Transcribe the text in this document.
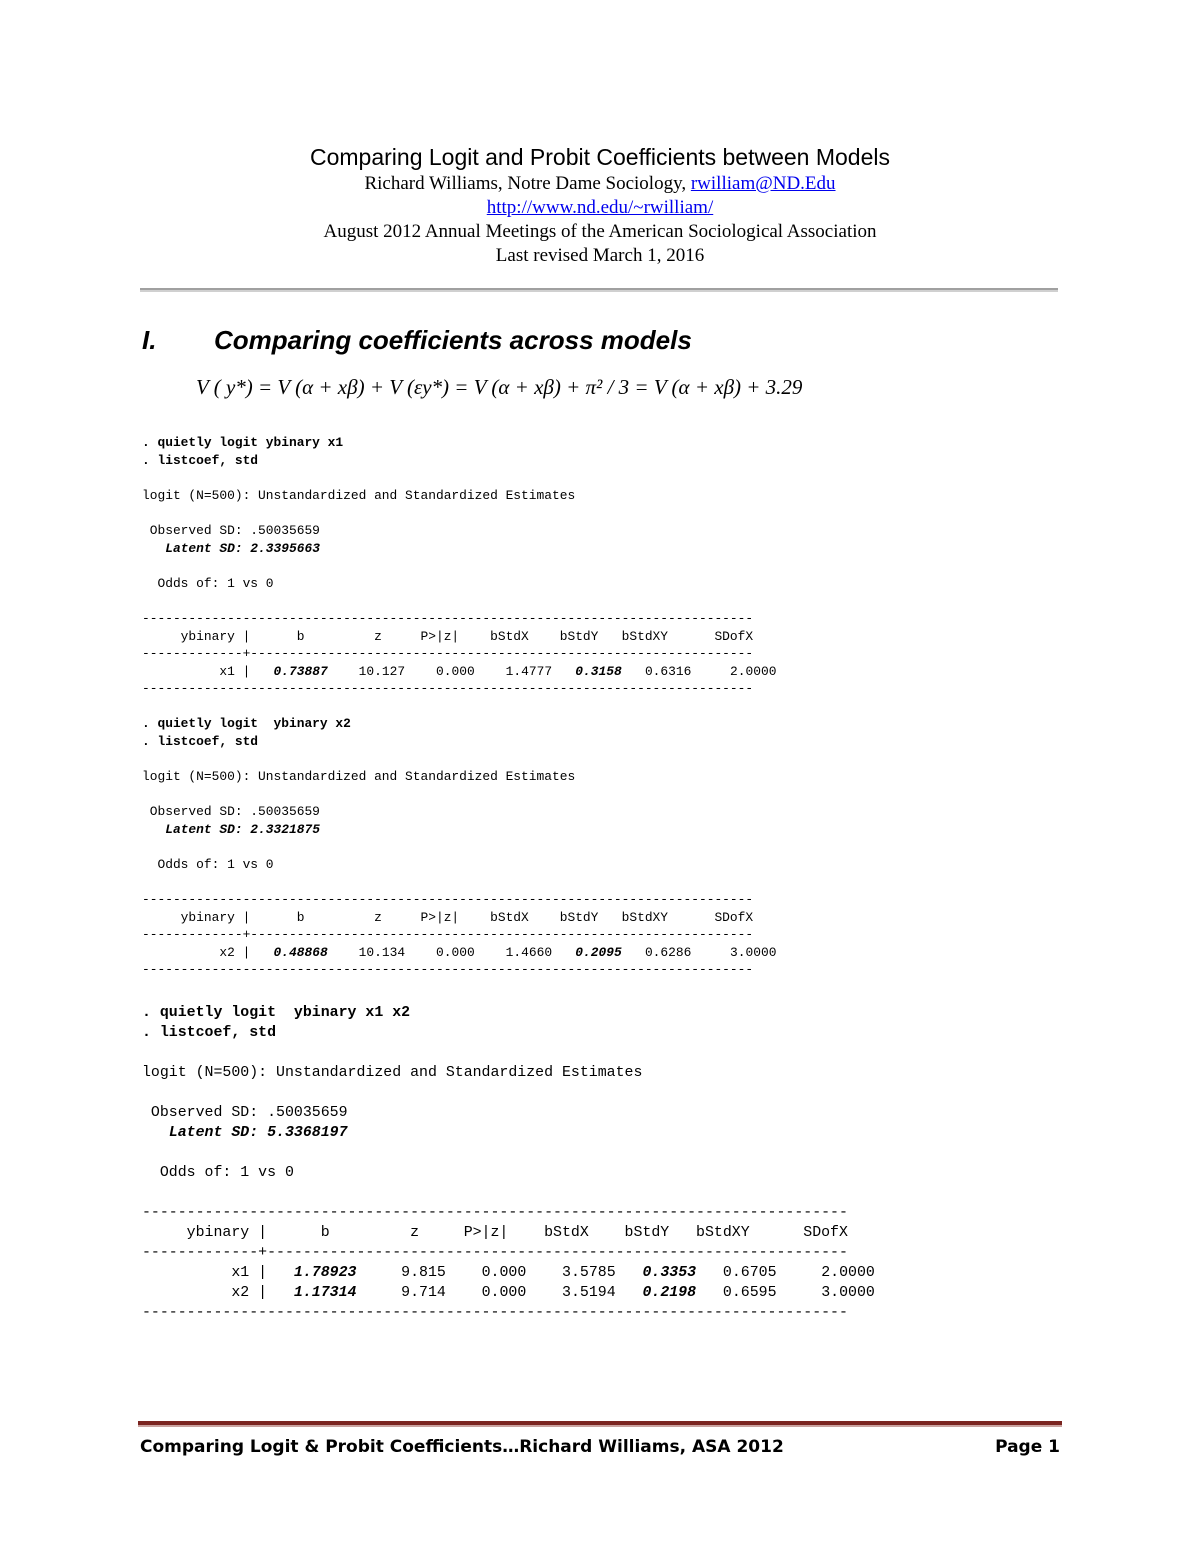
Comparing Logit and Probit Coefficients between Models
Richard Williams, Notre Dame Sociology, rwilliam@ND.Edu
http://www.nd.edu/~rwilliam/
August 2012 Annual Meetings of the American Sociological Association
Last revised March 1, 2016
I. Comparing coefficients across models
V ( y*) = V (α + xβ) + V (εy*) = V (α + xβ) + π² / 3 = V (α + xβ) + 3.29
. quietly logit ybinary x1
. listcoef, std

logit (N=500): Unstandardized and Standardized Estimates

Observed SD: .50035659
Latent SD: 2.3395663

Odds of: 1 vs 0

-------------------------------------------------------------------------------
ybinary |      b         z     P>|z|    bStdX    bStdY   bStdXY      SDofX
-------------+-----------------------------------------------------------------
x1 |   0.73887 10.127 0.000 1.4777 0.3158 0.6316	2.0000
-------------------------------------------------------------------------------
. quietly logit  ybinary x2
. listcoef, std

logit (N=500): Unstandardized and Standardized Estimates

Observed SD: .50035659
Latent SD: 2.3321875

Odds of: 1 vs 0

-------------------------------------------------------------------------------
ybinary |      b         z     P>|z|    bStdX    bStdY   bStdXY      SDofX
-------------+-----------------------------------------------------------------
x2 |   0.48868 10.134 0.000 1.4660 0.2095 0.6286	3.0000
-------------------------------------------------------------------------------
. quietly logit  ybinary x1 x2
. listcoef, std

logit (N=500): Unstandardized and Standardized Estimates

Observed SD: .50035659
Latent SD: 5.3368197

Odds of: 1 vs 0

-------------------------------------------------------------------------------
ybinary |      b         z     P>|z|    bStdX    bStdY   bStdXY      SDofX
-------------+-----------------------------------------------------------------
x1 |   1.78923	9.815 0.000 3.5785 0.3353 0.6705	2.0000
x2 |   1.17314	9.714 0.000 3.5194 0.2198 0.6595	3.0000
-------------------------------------------------------------------------------
Comparing Logit & Probit Coefficients…Richard Williams, ASA 2012	Page 1
